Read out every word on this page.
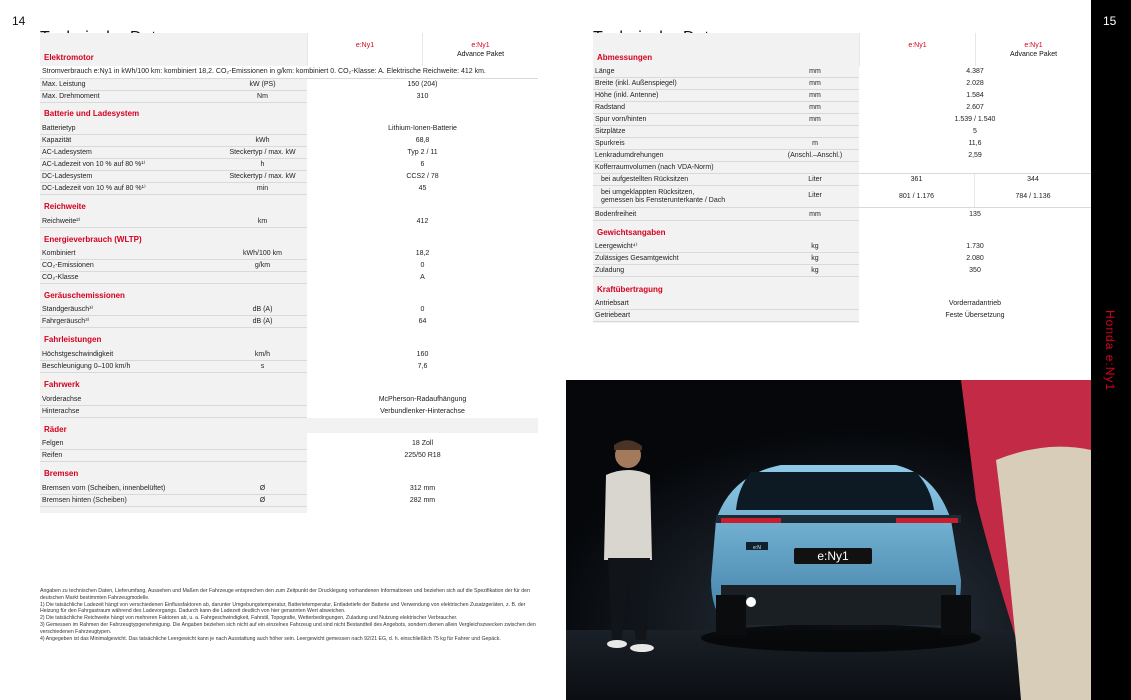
14	15
Honda e:Ny1
e:Ny1	e:Ny1
Advance Paket
Elektromotor
Stromverbrauch e:Ny1 in kWh/100 km: kombiniert 18,2. CO₂-Emissionen in g/km: kombiniert 0. CO₂-Klasse: A. Elektrische Reichweite: 412 km.
Max. Leistung	kW (PS)	150 (204)
Max. Drehmoment	Nm	310
Batterie und Ladesystem
Batterietyp	Lithium-Ionen-Batterie
Kapazität	kWh	68,8
AC-Ladesystem	Steckertyp / max. kW	Typ 2 / 11
AC-Ladezeit von 10 % auf 80 %¹⁾	h	6
DC-Ladesystem	Steckertyp / max. kW	CCS2 / 78
DC-Ladezeit von 10 % auf 80 %¹⁾	min	45
Reichweite
Reichweite²⁾	km	412
Energieverbrauch (WLTP)
Kombiniert	kWh/100 km	18,2
CO₂-Emissionen	g/km	0
CO₂-Klasse	A
Geräuschemissionen
Standgeräusch³⁾	dB (A)	0
Fahrgeräusch³⁾	dB (A)	64
Fahrleistungen
Höchstgeschwindigkeit	km/h	160
Beschleunigung 0–100 km/h	s	7,6
Fahrwerk
Vorderachse	McPherson-Radaufhängung
Hinterachse	Verbundlenker-Hinterachse
Räder
Felgen	18 Zoll
Reifen	225/50 R18
Bremsen
Bremsen vorn (Scheiben, innenbelüftet)	Ø	312 mm
Bremsen hinten (Scheiben)	Ø	282 mm
Angaben zu technischen Daten, Lieferumfang, Aussehen und Maßen der Fahrzeuge entsprechen den zum Zeitpunkt der Drucklegung vorhandenen Informationen und beziehen sich auf die Spezifikation der für den deutschen Markt bestimmten Fahrzeugmodelle.
1) Die tatsächliche Ladezeit hängt von verschiedenen Einflussfaktoren ab, darunter Umgebungstemperatur, Batterietemperatur, Entladetiefe der Batterie und Verwendung von elektrischen Zusatzgeräten, z. B. der Heizung für den Fahrgastraum während des Ladevorgangs. Dadurch kann die Ladezeit deutlich von hier genannten Wert abweichen.
2) Die tatsächliche Reichweite hängt von mehreren Faktoren ab, u. a. Fahrgeschwindigkeit, Fahrstil, Topografie, Wetterbedingungen, Zuladung und Nutzung elektrischer Verbraucher.
3) Gemessen im Rahmen der Fahrzeugtypgenehmigung. Die Angaben beziehen sich nicht auf ein einzelnes Fahrzeug und sind nicht Bestandteil des Angebots, sondern dienen allein Vergleichszwecken zwischen den verschiedenen Fahrzeugtypen.
4) Angegeben ist das Minimalgewicht. Das tatsächliche Leergewicht kann je nach Ausstattung auch höher sein. Leergewicht gemessen nach 92/21 EG, d. h. einschließlich 75 kg für Fahrer und Gepäck.
e:Ny1	e:Ny1
Advance Paket
Abmessungen
Länge	mm	4.387
Breite (inkl. Außenspiegel)	mm	2.028
Höhe (inkl. Antenne)	mm	1.584
Radstand	mm	2.607
Spur vorn/hinten	mm	1.539 / 1.540
Sitzplätze	5
Spurkreis	m	11,6
Lenkradumdrehungen	(Anschl.–Anschl.)	2,59
Kofferraumvolumen (nach VDA-Norm)
bei aufgestellten Rücksitzen	Liter	361	344
bei umgeklappten Rücksitzen,
gemessen bis Fensterunterkante / Dach
Liter	801 / 1.176	784 / 1.136
Bodenfreiheit	mm	135
Gewichtsangaben
Leergewicht⁴⁾	kg	1.730
Zulässiges Gesamtgewicht	kg	2.080
Zuladung	kg	350
Kraftübertragung
Antriebsart	Vorderradantrieb
Getriebeart	Feste Übersetzung
e:Ny1
e:N
